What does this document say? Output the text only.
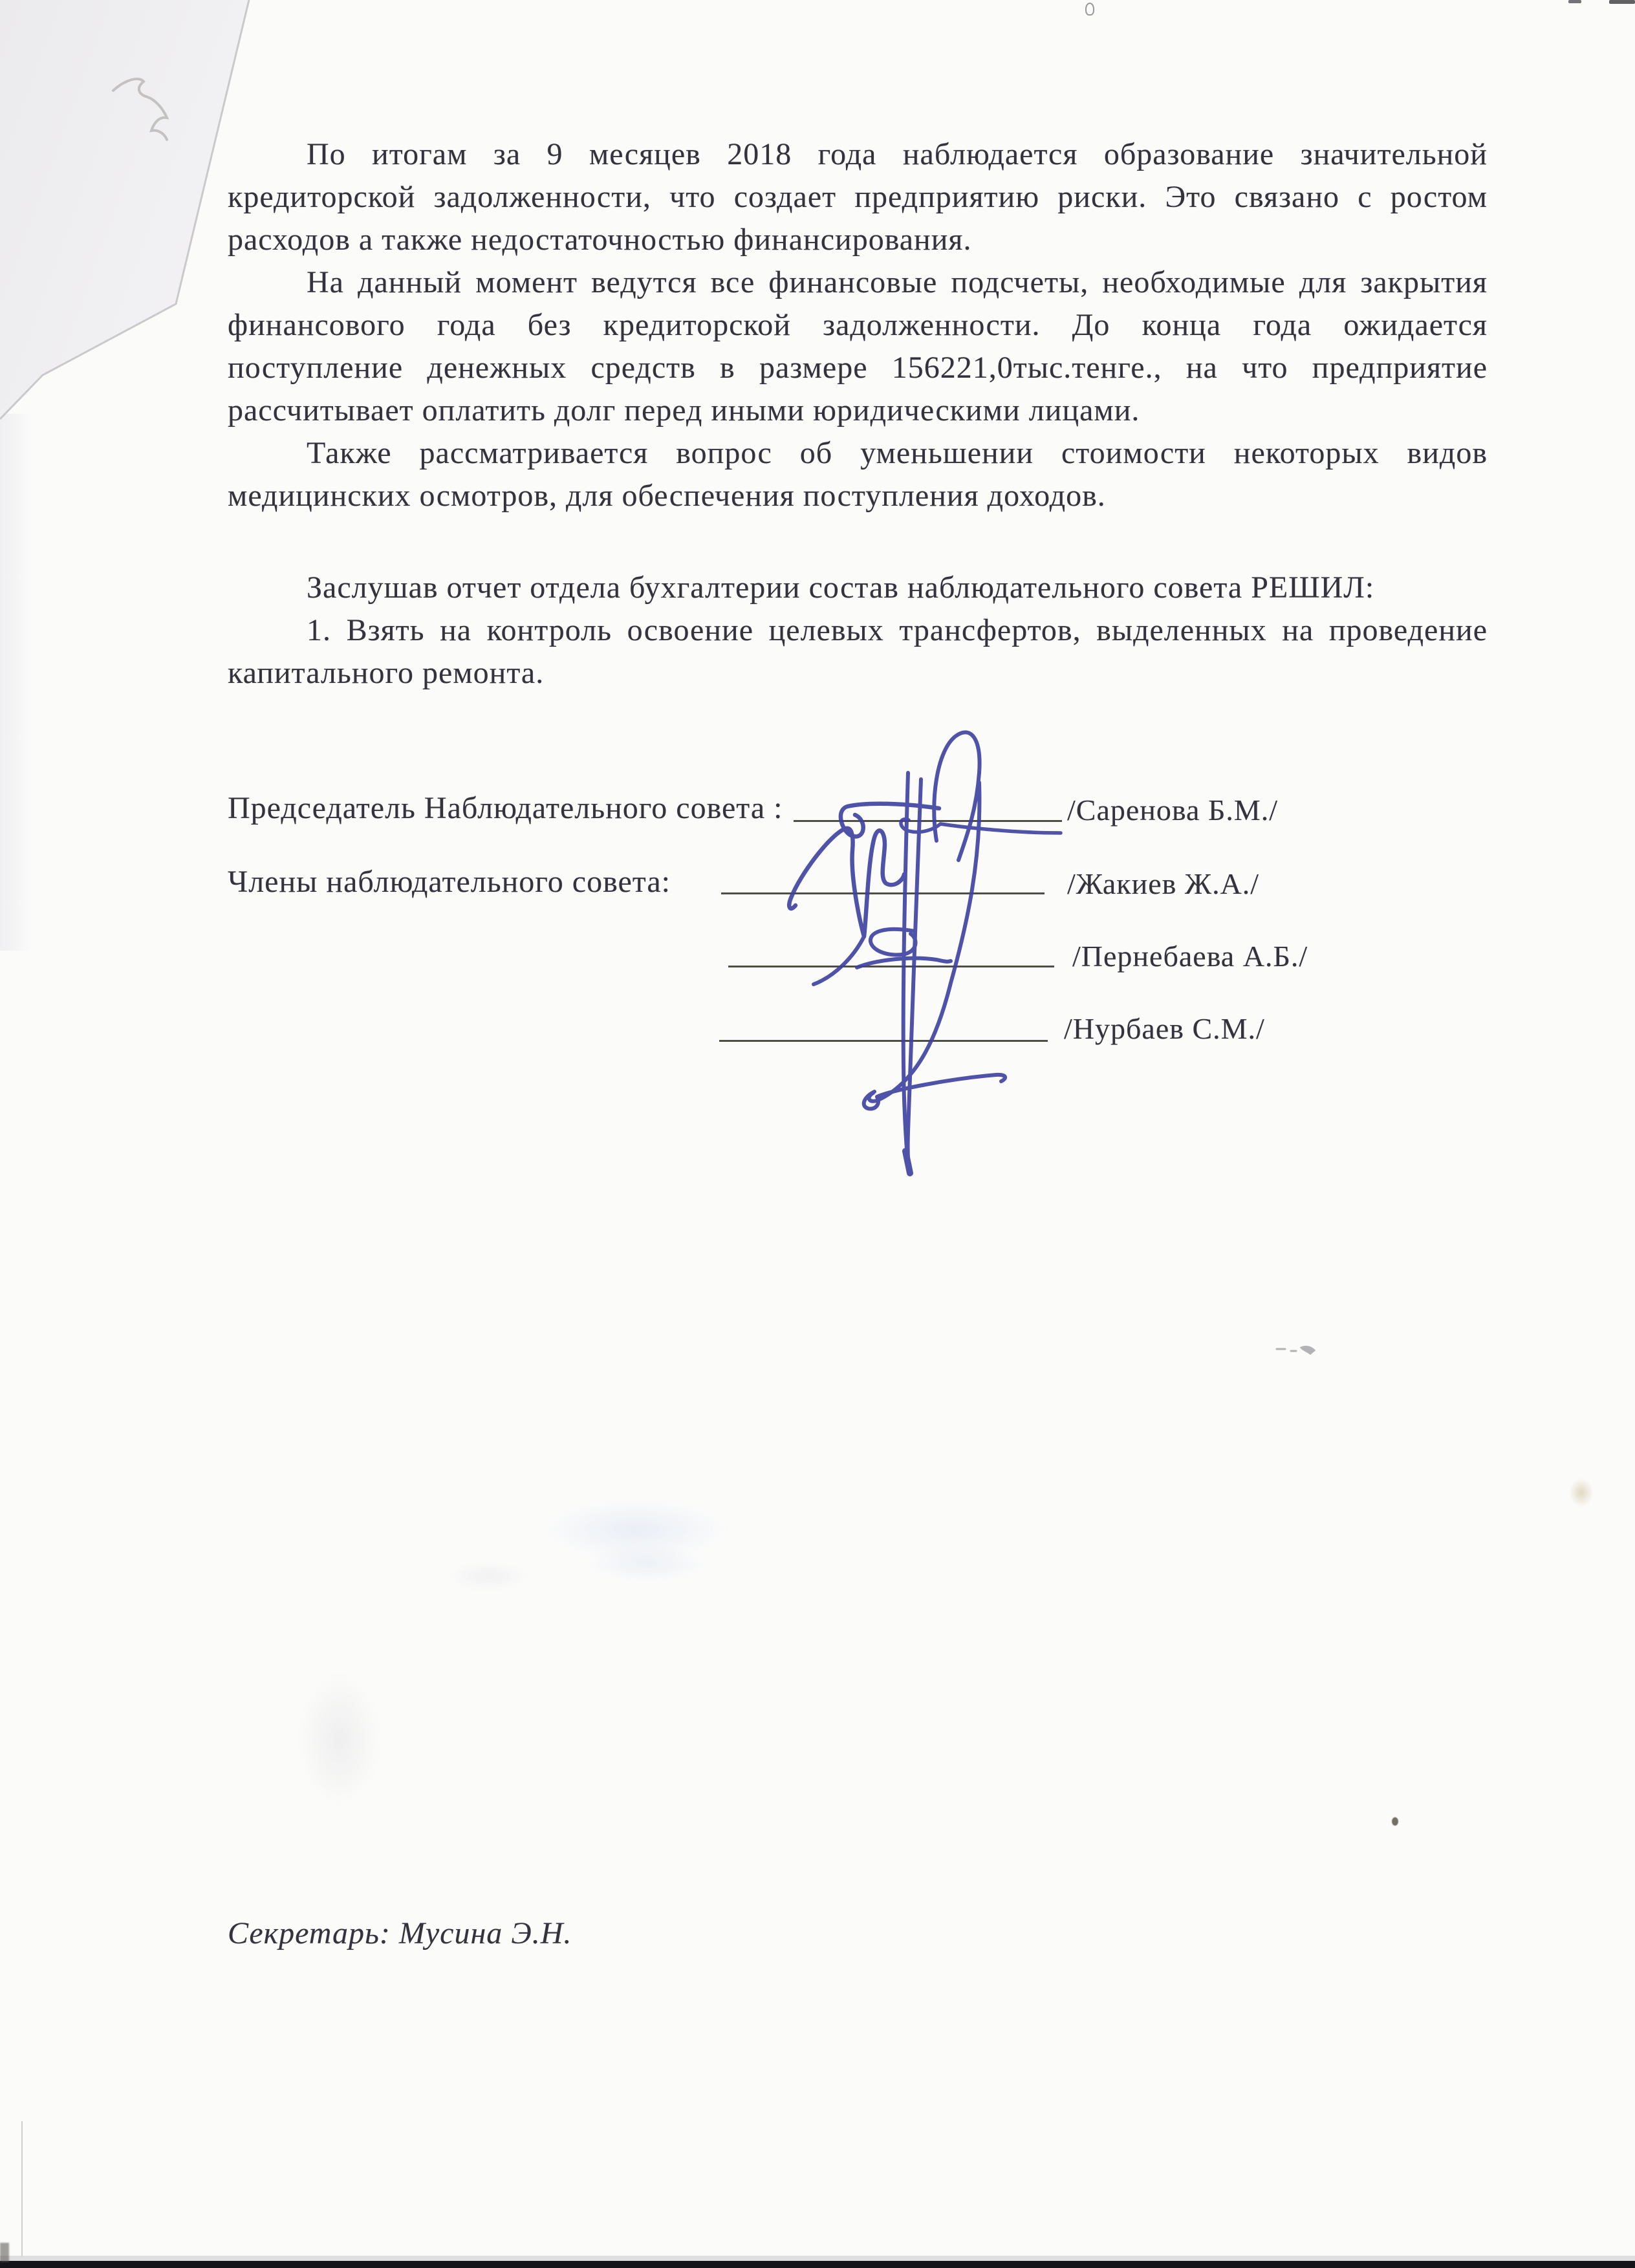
По итогам за 9 месяцев 2018 года наблюдается образование значительной
кредиторской задолженности, что создает предприятию риски. Это связано с ростом
расходов а также недостаточностью финансирования.
На данный момент ведутся все финансовые подсчеты, необходимые для закрытия
финансового года без кредиторской задолженности. До конца года ожидается
поступление денежных средств в размере 156221,0тыс.тенге., на что предприятие
рассчитывает оплатить долг перед иными юридическими лицами.
Также рассматривается вопрос об уменьшении стоимости некоторых видов
медицинских осмотров, для обеспечения поступления доходов.
Заслушав отчет отдела бухгалтерии состав наблюдательного совета РЕШИЛ:
1. Взять на контроль освоение целевых трансфертов, выделенных на проведение
капитального ремонта.
Председатель Наблюдательного совета :
Члены наблюдательного совета:
/Саренова Б.М./
/Жакиев Ж.А./
/Пернебаева А.Б./
/Нурбаев С.М./
Секретарь: Мусина Э.Н.
